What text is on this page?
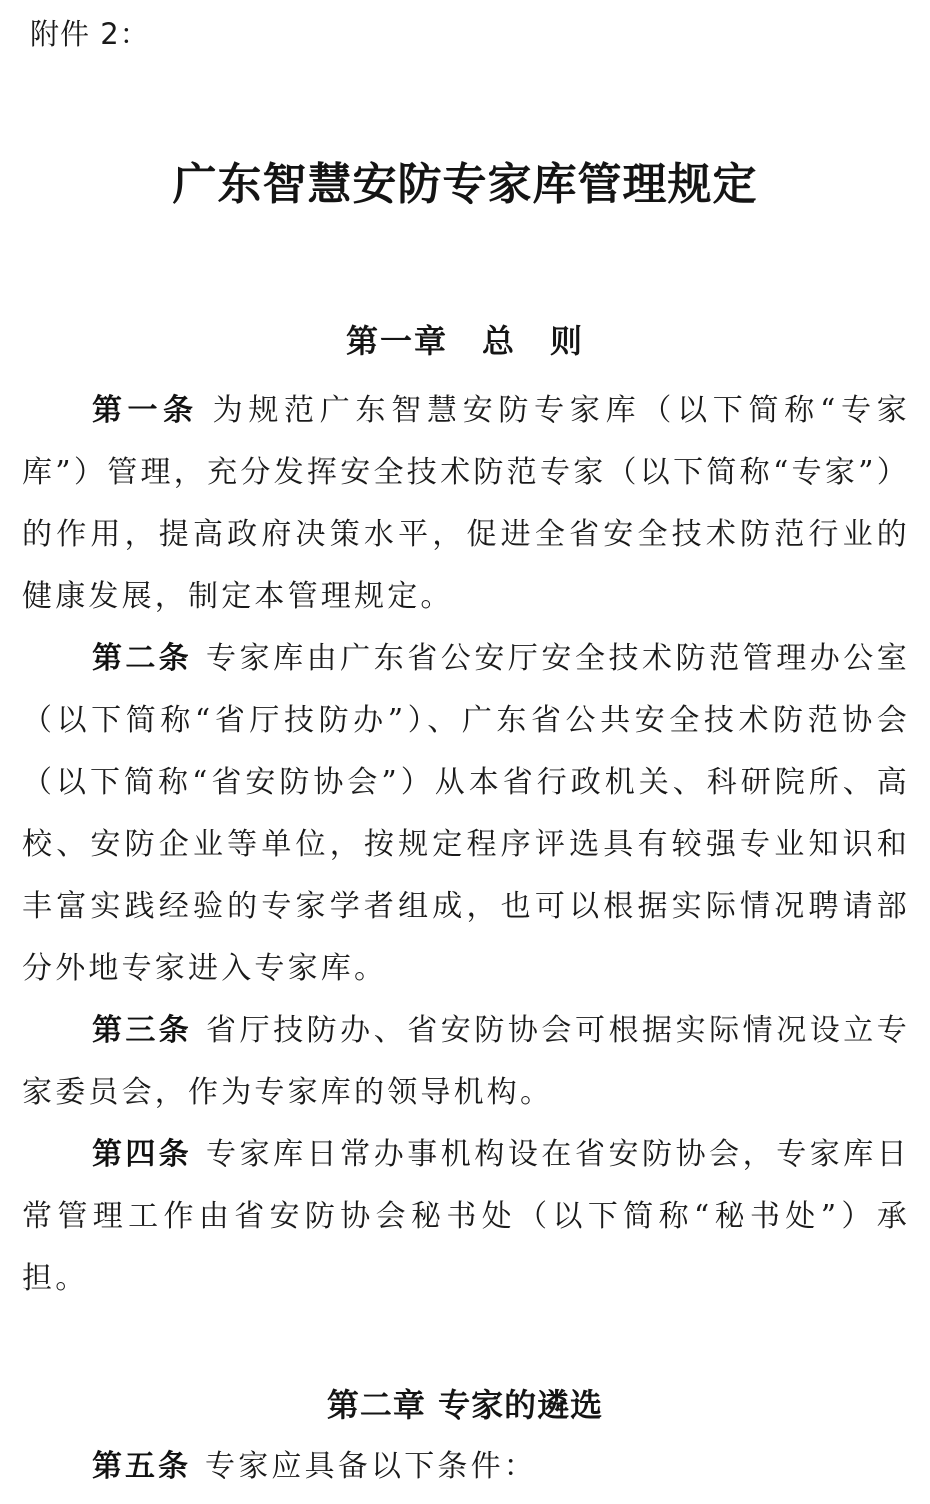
附件 2：
广东智慧安防专家库管理规定
第一章　总　则

第一条 为规范广东智慧安防专家库（以下简称“专家库”）管理，充分发挥安全技术防范专家（以下简称“专家”）的作用，提高政府决策水平，促进全省安全技术防范行业的健康发展，制定本管理规定。

第二条 专家库由广东省公安厅安全技术防范管理办公室（以下简称“省厅技防办”）、广东省公共安全技术防范协会（以下简称“省安防协会”）从本省行政机关、科研院所、高校、安防企业等单位，按规定程序评选具有较强专业知识和丰富实践经验的专家学者组成，也可以根据实际情况聘请部分外地专家进入专家库。

第三条 省厅技防办、省安防协会可根据实际情况设立专家委员会，作为专家库的领导机构。

第四条 专家库日常办事机构设在省安防协会，专家库日常管理工作由省安防协会秘书处（以下简称“秘书处”）承担。

第二章 专家的遴选

第五条 专家应具备以下条件：
